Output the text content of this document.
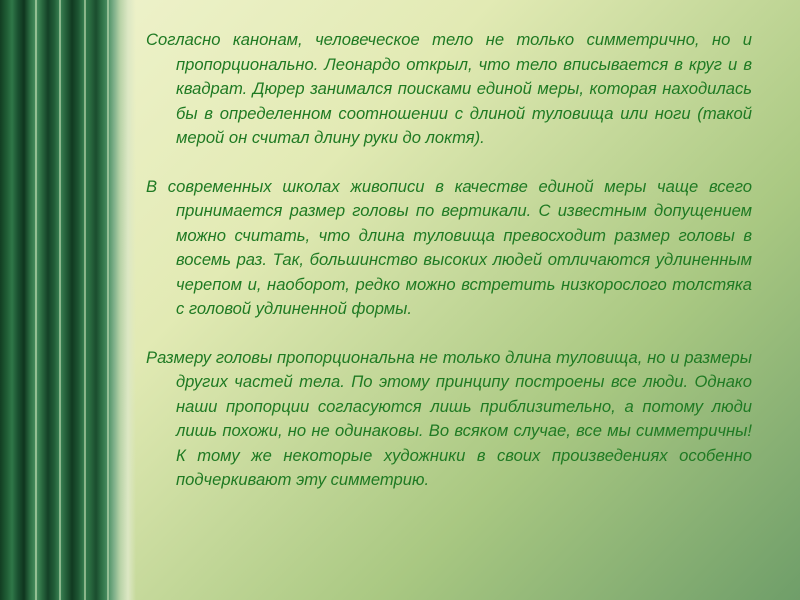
Согласно канонам, человеческое тело не только симметрично, но и пропорционально. Леонардо открыл, что тело вписывается в круг и в квадрат. Дюрер занимался поисками единой меры, которая находилась бы в определенном соотношении с длиной туловища или ноги (такой мерой он считал длину руки до локтя).

В современных школах живописи в качестве единой меры чаще всего принимается размер головы по вертикали. С известным допущением можно считать, что длина туловища превосходит размер головы в восемь раз. Так, большинство высоких людей отличаются удлиненным черепом и, наоборот, редко можно встретить низкорослого толстяка с головой удлиненной формы.

Размеру головы пропорциональна не только длина туловища, но и размеры других частей тела. По этому принципу построены все люди. Однако наши пропорции согласуются лишь приблизительно, а потому люди лишь похожи, но не одинаковы. Во всяком случае, все мы симметричны! К тому же некоторые художники в своих произведениях особенно подчеркивают эту симметрию.
